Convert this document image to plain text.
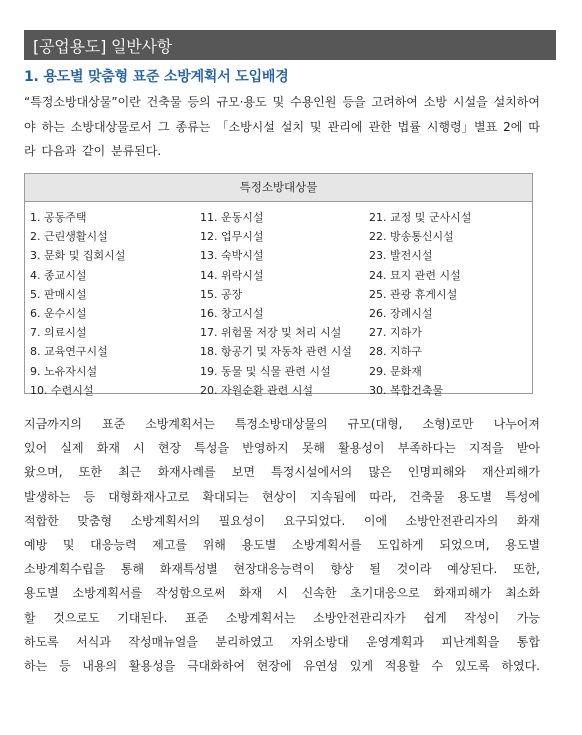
[공업용도] 일반사항
1. 용도별 맞춤형 표준 소방계획서 도입배경
“특정소방대상물”이란 건축물 등의 규모·용도 및 수용인원 등을 고려하여 소방 시설을 설치하여야 하는 소방대상물로서 그 종류는 「소방시설 설치 및 관리에 관한 법률 시행령」별표 2에 따라 다음과 같이 분류된다.
특정소방대상물
1. 공동주택
2. 근린생활시설
3. 문화 및 집회시설
4. 종교시설
5. 판매시설
6. 운수시설
7. 의료시설
8. 교육연구시설
9. 노유자시설
10. 수련시설
11. 운동시설
12. 업무시설
13. 숙박시설
14. 위락시설
15. 공장
16. 창고시설
17. 위험물 저장 및 처리 시설
18. 항공기 및 자동차 관련 시설
19. 동물 및 식물 관련 시설
20. 자원순환 관련 시설
21. 교정 및 군사시설
22. 방송통신시설
23. 발전시설
24. 묘지 관련 시설
25. 관광 휴게시설
26. 장례시설
27. 지하가
28. 지하구
29. 문화재
30. 복합건축물
지금까지의 표준 소방계획서는 특정소방대상물의 규모(대형, 소형)로만 나누어져
있어 실제 화재 시 현장 특성을 반영하지 못해 활용성이 부족하다는 지적을 받아
왔으며, 또한 최근 화재사례를 보면 특정시설에서의 많은 인명피해와 재산피해가
발생하는 등 대형화재사고로 확대되는 현상이 지속됨에 따라, 건축물 용도별 특성에
적합한 맞춤형 소방계획서의 필요성이 요구되었다. 이에 소방안전관리자의 화재
예방 및 대응능력 제고를 위해 용도별 소방계획서를 도입하게 되었으며, 용도별
소방계획수립을 통해 화재특성별 현장대응능력이 향상 될 것이라 예상된다. 또한,
용도별 소방계획서를 작성함으로써 화재 시 신속한 초기대응으로 화재피해가 최소화
할 것으로도 기대된다. 표준 소방계획서는 소방안전관리자가 쉽게 작성이 가능
하도록 서식과 작성매뉴얼을 분리하였고 자위소방대 운영계획과 피난계획을 통합
하는 등 내용의 활용성을 극대화하여 현장에 유연성 있게 적용할 수 있도록 하였다.
